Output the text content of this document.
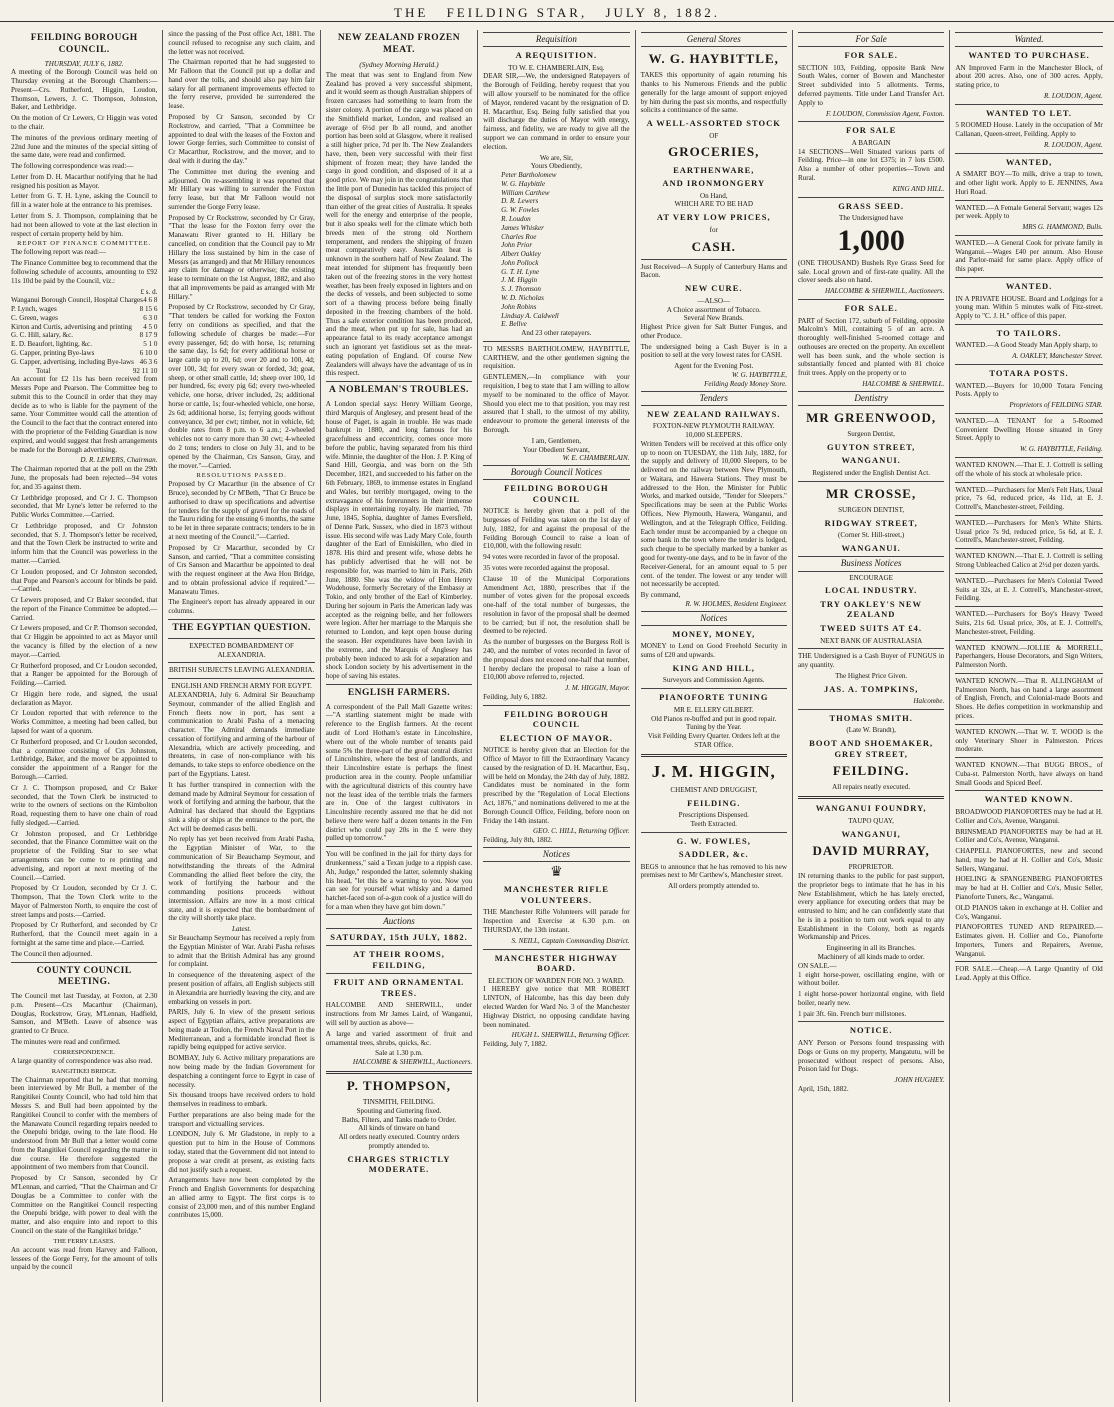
THE FEILDING STAR, JULY 8, 1882.
FEILDING BOROUGH COUNCIL.
THURSDAY, JULY 6, 1882.

A meeting of the Borough Council was held on Thursday evening at the Borough Chambers:—Present—Crs. Rutherford, Higgin, Loudon, Thomson, Lewers, J. C. Thompson, Johnston, Baker, and Lethbridge.

On the motion of Cr Lewers, Cr Higgin was voted to the chair.

The minutes of the previous ordinary meeting of 22nd June and the minutes of the special sitting of the same date, were read and confirmed.

The following correspondence was read:—

Letter from D. H. Macarthur notifying that he had resigned his position as Mayor.

Letter from G. T. H. Lyne, asking the Council to fill in a water hole at the entrance to his premises.

Letter from S. J. Thompson, complaining that he had not been allowed to vote at the last election in respect of certain property held by him.

REPORT OF FINANCE COMMITTEE.

The following report was read:—

The Finance Committee beg to recommend that the following schedule of accounts, amounting to £92 11s 10d be paid by the Council, viz.:

£ s. d.
Wanganui Borough Council, Hospital Charges 4 6 8
P. Lynch, wages	8 15 6
C. Green, wages	6 3 0
Kirton and Curtis, advertising and printing 4 5 0
G. C. Hill, salary, &c.	8 17 9
E. D. Beaufort, lighting, &c.	5 1 0
G. Capper, printing Bye-laws	6 10 0
G. Capper, advertising, including Bye-laws 46 3 6
Total	92 11 10

An account for £2 11s has been received from Messrs Pope and Pearson. The Committee beg to submit this to the Council in order that they may decide as to who is liable for the payment of the same. Your Committee would call the attention of the Council to the fact that the contract entered into with the proprietor of the Feilding Guardian is now expired, and would suggest that fresh arrangements be made for the Borough advertising.

D. R. LEWERS, Chairman.

The Chairman reported that at the poll on the 29th June, the proposals had been rejected—94 votes for, and 35 against them.

Cr Lethbridge proposed, and Cr J. C. Thompson seconded, that Mr Lyne's letter be referred to the Public Works Committee.—Carried.

Cr Lethbridge proposed, and Cr Johnston seconded, that S. J. Thompson's letter be received, and that the Town Clerk be instructed to write and inform him that the Council was powerless in the matter.—Carried.

Cr Loudon proposed, and Cr Johnston seconded, that Pope and Pearson's account for blinds be paid.—Carried.

Cr Lewers proposed, and Cr Baker seconded, that the report of the Finance Committee be adopted.—Carried.

Cr Lewers proposed, and Cr P. Thomson seconded, that Cr Higgin be appointed to act as Mayor until the vacancy is filled by the election of a new mayor.—Carried.

Cr Rutherford proposed, and Cr Loudon seconded, that a Ranger be appointed for the Borough of Feilding.—Carried.

Cr Higgin here rode, and signed, the usual declaration as Mayor.

Cr Loudon reported that with reference to the Works Committee, a meeting had been called, but lapsed for want of a quorum.

Cr Rutherford proposed, and Cr Loudon seconded, that a committee consisting of Crs Johnston, Lethbridge, Baker, and the mover be appointed to consider the appointment of a Ranger for the Borough.—Carried.

Cr J. C. Thompson proposed, and Cr Baker seconded, that the Town Clerk be instructed to write to the owners of sections on the Kimbolton Road, requesting them to have one chain of road fully sledged.—Carried.

Cr Johnston proposed, and Cr Lethbridge seconded, that the Finance Committee wait on the proprietor of the Feilding Star to see what arrangements can be come to re printing and advertising, and report at next meeting of the Council.—Carried.

Proposed by Cr Loudon, seconded by Cr J. C. Thompson, That the Town Clerk write to the Mayor of Palmerston North, to enquire the cost of street lamps and posts.—Carried.

Proposed by Cr Rutherford, and seconded by Cr Rutherford, that the Council meet again in a fortnight at the same time and place.—Carried.

The Council then adjourned.

COUNTY COUNCIL MEETING.

The Council met last Tuesday, at Foxton, at 2.30 p.m. Present—Crs Macarthur (Chairman), Douglas, Rockstrow, Gray, M'Lennan, Hadfield, Samson, and M'Beth. Leave of absence was granted to Cr Bruce.

The minutes were read and confirmed.

CORRESPONDENCE.

A large quantity of correspondence was also read.

RANGITIKEI BRIDGE.

The Chairman reported that he had that morning been interviewed by Mr Bull, a member of the Rangitikei County Council, who had told him that Messrs S. and Bull had been appointed by the Rangitikei Council to confer with the members of the Manawatu Council regarding repairs needed to the Onepuhi bridge, owing to the late flood. He understood from Mr Bull that a letter would come from the Rangitikei Council regarding the matter in due course. He therefore suggested the appointment of two members from that Council.

Proposed by Cr Sanson, seconded by Cr M'Lennan, and carried, "That the Chairman and Cr Douglas be a Committee to confer with the Committee on the Rangitikei Council respecting the Onepuhi bridge, with power to deal with the matter, and also enquire into and report to this Council on the state of the Rangitikei bridge."

THE FERRY LEASES.

An account was read from Harvey and Falloon, lessees of the Gorge Ferry, for the amount of tolls unpaid by the council

since the passing of the Post office Act, 1881. The council refused to recognise any such claim, and the letter was not received.

The Chairman reported that he had suggested to Mr Falloon that the Council put up a dollar and hand over the tolls, and should also pay him fair salary for all permanent improvements effected to the ferry reserve, provided he surrendered the lease.

Proposed by Cr Sanson, seconded by Cr Rockstrow, and carried, "That a Committee be appointed to deal with the leases of the Foxton and lower Gorge ferries, such Committee to consist of Cr Macarthur, Rockstrow, and the mover, and to deal with it during the day."

The Committee met during the evening and adjourned. On re-assembling it was reported that Mr Hillary was willing to surrender the Foxton ferry lease, but that Mr Falloon would not surrender the Gorge Ferry lease.

Proposed by Cr Rockstrow, seconded by Cr Gray, "That the lease for the Foxton ferry over the Manawatu River granted to H. Hillary be cancelled, on condition that the Council pay to Mr Hillary the loss sustained by him in the case of Messrs (as arranged) and that Mr Hillary renounces any claim for damage or otherwise; the existing lease to terminate on the 1st August, 1882, and also that all improvements be paid as arranged with Mr Hillary."

Proposed by Cr Rockstrow, seconded by Cr Gray, "That tenders be called for working the Foxton ferry on conditions as specified, and that the following schedule of charges be made:—For every passenger, 6d; do with horse, 1s; returning the same day, 1s 6d; for every additional horse or large cattle up to 20, 6d; over 20 and to 100, 4d; over 100, 3d; for every swan or forded, 3d; goat, sheep, or other small cattle, 1d; sheep over 100, 1d per hundred, 6s; every pig 6d; every two-wheeled vehicle, one horse, driver included, 2s; additional horse or cattle, 1s; four-wheeled vehicle, one horse, 2s 6d; additional horse, 1s; ferrying goods without conveyance, 3d per cwt; timber, not in vehicle, 6d; double rates from 8 p.m. to 6 a.m.; 2-wheeled vehicles not to carry more than 30 cwt; 4-wheeled do 2 tons; tenders to close on July 31, and to be opened by the Chairman, Crs Sanson, Gray, and the mover."—Carried.

RESOLUTIONS PASSED.

Proposed by Cr Macarthur (in the absence of Cr Bruce), seconded by Cr M'Beth, "That Cr Bruce be authorised to draw up specifications and advertise for tenders for the supply of gravel for the roads of the Tauru riding for the ensuing 6 months, the same to be let in three separate contracts; tenders to be in at next meeting of the Council."—Carried.

Proposed by Cr Macarthur, seconded by Cr Sanson, and carried, "That a committee consisting of Crs Sanson and Macarthur be appointed to deal with the request engineer at the Awa Hou Bridge, and to obtain professional advice if required."—Manawatu Times.

The Engineer's report has already appeared in our columns.

THE EGYPTIAN QUESTION.
EXPECTED BOMBARDMENT OF ALEXANDRIA.
BRITISH SUBJECTS LEAVING ALEXANDRIA.
ENGLISH AND FRENCH ARMY FOR EGYPT.

ALEXANDRIA, July 6. Admiral Sir Beauchamp Seymour, commander of the allied English and French fleets now in port, has sent a communication to Arabi Pasha of a menacing character. The Admiral demands immediate cessation of fortifying and arming of the harbour of Alexandria, which are actively proceeding, and threatens, in case of non-compliance with his demands, to take steps to enforce obedience on the part of the Egyptians. Latest.

It has further transpired in connection with the demand made by Admiral Seymour for cessation of work of fortifying and arming the harbour, that the Admiral has declared that should the Egyptians sink a ship or ships at the entrance to the port, the Act will be deemed casus belli.

No reply has yet been received from Arabi Pasha, the Egyptian Minister of War, to the communication of Sir Beauchamp Seymour, and notwithstanding the threats of the Admiral Commanding the allied fleet before the city, the work of fortifying the harbour and the commanding positions proceeds without intermission. Affairs are now in a most critical state, and it is expected that the bombardment of the city will shortly take place.

Latest.

Sir Beauchamp Seymour has received a reply from the Egyptian Minister of War. Arabi Pasha refuses to admit that the British Admiral has any ground for complaint.

In consequence of the threatening aspect of the present position of affairs, all English subjects still in Alexandria are hurriedly leaving the city, and are embarking on vessels in port.

PARIS, July 6. In view of the present serious aspect of Egyptian affairs, active preparations are being made at Toulon, the French Naval Port in the Mediterranean, and a formidable ironclad fleet is rapidly being equipped for active service.

BOMBAY, July 6. Active military preparations are now being made by the Indian Government for despatching a contingent force to Egypt in case of necessity.

Six thousand troops have received orders to hold themselves in readiness to embark.

Further preparations are also being made for the transport and victualling services.

LONDON, July 6. Mr Gladstone, in reply to a question put to him in the House of Commons today, stated that the Government did not intend to propose a war credit at present, as existing facts did not justify such a request.

Arrangements have now been completed by the French and English Governments for despatching an allied army to Egypt. The first corps is to consist of 23,000 men, and of this number England contributes 15,000.

NEW ZEALAND FROZEN MEAT.
(Sydney Morning Herald.)

The meat that was sent to England from New Zealand has proved a very successful shipment, and it would seem as though Australian shippers of frozen carcases had something to learn from the sister colony. A portion of the cargo was placed on the Smithfield market, London, and realised an average of 6½d per lb all round, and another portion has been sold at Glasgow, where it realised a still higher price, 7d per lb. The New Zealanders have, then, been very successful with their first shipment of frozen meat; they have landed the cargo in good condition, and disposed of it at a good price. We may join in the congratulations that the little port of Dunedin has tackled this project of the disposal of surplus stock more satisfactorily than either of the great cities of Australia. It speaks well for the energy and enterprise of the people, but it also speaks well for the climate which both breeds men of the strong old Northern temperament, and renders the shipping of frozen meat comparatively easy. Australian heat is unknown in the southern half of New Zealand. The meat intended for shipment has frequently been taken out of the freezing stores in the very hottest weather, has been freely exposed in lighters and on the decks of vessels, and been subjected to some sort of a thawing process before being finally deposited in the freezing chambers of the hold. Thus a safe exterior condition has been produced, and the meat, when put up for sale, has had an appearance fatal to its ready acceptance amongst such an ignorant yet fastidious set as the meat-eating population of England. Of course New Zealanders will always have the advantage of us in this respect.

A NOBLEMAN'S TROUBLES.

A London special says: Henry William George, third Marquis of Anglesey, and present head of the house of Paget, is again in trouble. He was made bankrupt in 1880, and long famous for his gracefulness and eccentricity, comes once more before the public, having separated from his third wife. Minnie, the daughter of the Hon. J. P. King of Sand Hill, Georgia, and was born on the 5th December, 1821, and succeeded to his father on the 6th February, 1869, to immense estates in England and Wales, but terribly mortgaged, owing to the extravagance of his forerunners in their immense displays in entertaining royalty. He married, 7th June, 1845, Sophia, daughter of James Eversfield, of Denne Park, Sussex, who died in 1873 without issue. His second wife was Lady Mary Cole, fourth daughter of the Earl of Enniskillen, who died in 1878. His third and present wife, whose debts he has publicly advertised that he will not be responsible for, was married to him in Paris, 26th June, 1880. She was the widow of Hon Henry Wodehouse, formerly Secretary of the Embassy at Tokio, and only brother of the Earl of Kimberley. During her sojourn in Paris the American lady was accepted as the reigning belle, and her followers were legion. After her marriage to the Marquis she returned to London, and kept open house during the season. Her expenditures have been lavish in the extreme, and the Marquis of Anglesey has probably been induced to ask for a separation and shock London society by his advertisement in the hope of saving his estates.

ENGLISH FARMERS.

A correspondent of the Pall Mall Gazette writes:—"A startling statement might be made with reference to the English farmers. At the recent audit of Lord Hotham's estate in Lincolnshire, where out of the whole number of tenants paid some 5% the three-part of the great central district of Lincolnshire, where the best of landlords, and their Lincolnshire estate is perhaps the finest production area in the county. People unfamiliar with the agricultural districts of this country have not the least idea of the terrible trials the farmers are in. One of the largest cultivators in Lincolnshire recently assured me that he did not believe there were half a dozen tenants in the Fen district who could pay 20s in the £ were they pulled up tomorrow."

You will be confined in the jail for thirty days for drunkenness," said a Texan judge to a rippish case. Ah, Judge," responded the latter, solemnly shaking his head, "let this be a warning to you. Now you can see for yourself what whisky and a darned hatchet-faced son of-a-gun cook of a justice will do for a man when they have got him down."

Auctions
SATURDAY, 15th JULY, 1882.
AT THEIR ROOMS, FEILDING,
FRUIT AND ORNAMENTAL TREES.

HALCOMBE AND SHERWILL, under instructions from Mr James Laird, of Wanganui, will sell by auction as above—

A large and varied assortment of fruit and ornamental trees, shrubs, quicks, &c.

Sale at 1.30 p.m.
HALCOMBE & SHERWILL, Auctioneers.
P. THOMPSON,
TINSMITH, FEILDING.
Spouting and Guttering fixed.
Baths, Filters, and Tanks made to Order.
All kinds of tinware on hand
All orders neatly executed. Country orders promptly attended to.
CHARGES STRICTLY MODERATE.
Requisition
A REQUISITION.
TO W. E. CHAMBERLAIN, Esq.

DEAR SIR,—We, the undersigned Ratepayers of the Borough of Feilding, hereby request that you will allow yourself to be nominated for the office of Mayor, rendered vacant by the resignation of D. H. Macarthur, Esq. Being fully satisfied that you will discharge the duties of Mayor with energy, fairness, and fidelity, we are ready to give all the support we can command in order to ensure your election.

We are, Sir,
Yours Obediently,
Peter Bartholomew
W. G. Haybittle
William Carthew
D. R. Lewers
G. W. Fowles
R. Loudon
James Whisker
Charles Roe
John Prior
Albert Oakley
John Pollock
G. T. H. Lyne
J. M. Higgin
S. J. Thomson
W. D. Nicholas
John Robins
Lindsay A. Caldwell
E. Bellve
And 23 other ratepayers.

TO MESSRS BARTHOLOMEW, HAYBITTLE, CARTHEW, and the other gentlemen signing the requisition.

GENTLEMEN,—In compliance with your requisition, I beg to state that I am willing to allow myself to be nominated to the office of Mayor. Should you elect me to that position, you may rest assured that I shall, to the utmost of my ability, endeavour to promote the general interests of the Borough.

I am, Gentlemen,
Your Obedient Servant,
W. E. CHAMBERLAIN.
Borough Council Notices
FEILDING BOROUGH COUNCIL

NOTICE is hereby given that a poll of the burgesses of Feilding was taken on the 1st day of July, 1882, for and against the proposal of the Feilding Borough Council to raise a loan of £10,000, with the following result:

94 votes were recorded in favor of the proposal.

35 votes were recorded against the proposal.

Clause 10 of the Municipal Corporations Amendment Act, 1880, prescribes that if the number of votes given for the proposal exceeds one-half of the total number of burgesses, the resolution in favor of the proposal shall be deemed to be carried; but if not, the resolution shall be deemed to be rejected.

As the number of burgesses on the Burgess Roll is 240, and the number of votes recorded in favor of the proposal does not exceed one-half that number, I hereby declare the proposal to raise a loan of £10,000 above referred to, rejected.

J. M. HIGGIN, Mayor.
Feilding, July 6, 1882.
FEILDING BOROUGH COUNCIL
ELECTION OF MAYOR.

NOTICE is hereby given that an Election for the Office of Mayor to fill the Extraordinary Vacancy caused by the resignation of D. H. Macarthur, Esq., will be held on Monday, the 24th day of July, 1882. Candidates must be nominated in the form prescribed by the "Regulation of Local Elections Act, 1876," and nominations delivered to me at the Borough Council Office, Feilding, before noon on Friday the 14th instant.

GEO. C. HILL, Returning Officer.
Feilding, July 8th, 1882.
Notices
♛
MANCHESTER RIFLE VOLUNTEERS.

THE Manchester Rifle Volunteers will parade for Inspection and Exercise at 6.30 p.m. on THURSDAY, the 13th instant.

S. NEILL, Captain Commanding District.
MANCHESTER HIGHWAY BOARD.
ELECTION OF WARDEN FOR NO. 3 WARD.

I HEREBY give notice that MR ROBERT LINTON, of Halcombe, has this day been duly elected Warden for Ward No. 3 of the Manchester Highway District, no opposing candidate having been nominated.

HUGH L. SHERWILL, Returning Officer.
Feilding, July 7, 1882.
General Stores
W. G. HAYBITTLE,

TAKES this opportunity of again returning his thanks to his Numerous Friends and the public generally for the large amount of support enjoyed by him during the past six months, and respectfully solicits a continuance of the same.

A WELL-ASSORTED STOCK
OF
GROCERIES,
EARTHENWARE,
AND IRONMONGERY
On Hand,
WHICH ARE TO BE HAD
AT VERY LOW PRICES,
for
CASH.

Just Received—A Supply of Canterbury Hams and Bacon.

NEW CURE.
—ALSO—
A Choice assortment of Tobacco.
Several New Brands.

Highest Price given for Salt Butter Fungus, and other Produce.

The undersigned being a Cash Buyer is in a position to sell at the very lowest rates for CASH.

Agent for the Evening Post.
W. G. HAYBITTLE,
Feilding Ready Money Store.
Tenders
NEW ZEALAND RAILWAYS.
FOXTON-NEW PLYMOUTH RAILWAY.
10,000 SLEEPERS.

Written Tenders will be received at this office only up to noon on TUESDAY, the 11th July, 1882, for the supply and delivery of 10,000 Sleepers, to be delivered on the railway between New Plymouth, or Waitara, and Hawera Stations. They must be addressed to the Hon. the Minister for Public Works, and marked outside, "Tender for Sleepers." Specifications may be seen at the Public Works Offices, New Plymouth, Hawera, Wanganui, and Wellington, and at the Telegraph Office, Feilding. Each tender must be accompanied by a cheque on some bank in the town where the tender is lodged, such cheque to be specially marked by a banker as good for twenty-one days, and to be in favor of the Receiver-General, for an amount equal to 5 per cent. of the tender. The lowest or any tender will not necessarily be accepted.

By command,
R. W. HOLMES, Resident Engineer.
Notices
MONEY, MONEY,

MONEY to Lend on Good Freehold Security in sums of £20 and upwards.

KING AND HILL,
Surveyors and Commission Agents.
PIANOFORTE TUNING
MR E. ELLERY GILBERT.
Old Pianos re-buffed and put in good repair.
Tuning by the Year.
Visit Feilding Every Quarter. Orders left at the STAR Office.
J. M. HIGGIN,
CHEMIST AND DRUGGIST,
FEILDING.
Prescriptions Dispensed.
Teeth Extracted.
G. W. FOWLES,
SADDLER, &c.

BEGS to announce that he has removed to his new premises next to Mr Carthew's, Manchester street.

All orders promptly attended to.
For Sale
FOR SALE.

SECTION 103, Feilding, opposite Bank New South Wales, corner of Bowen and Manchester Street subdivided into 5 allotments. Terms, deferred payments. Title under Land Transfer Act. Apply to

F. LOUDON, Commission Agent, Foxton.
FOR SALE
A BARGAIN

14 SECTIONS—Well Situated various parts of Feilding. Price—in one lot £375; in 7 lots £500. Also a number of other properties—Town and Rural.

KING AND HILL.
GRASS SEED.
The Undersigned have
1,000

(ONE THOUSAND) Bushels Rye Grass Seed for sale. Local grown and of first-rate quality. All the clover seeds also on hand.

HALCOMBE & SHERWILL, Auctioneers.
FOR SALE.

PART of Section 172, suburb of Feilding, opposite Malcolm's Mill, containing 5 of an acre. A thoroughly well-finished 5-roomed cottage and outhouses are erected on the property. An excellent well has been sunk, and the whole section is substantially fenced and planted with 81 choice fruit trees. Apply on the property or to

HALCOMBE & SHERWILL.
Dentistry
MR GREENWOOD,
Surgeon Dentist,
GUYTON STREET,
WANGANUI.
Registered under the English Dentist Act.
MR CROSSE,
SURGEON DENTIST,
RIDGWAY STREET,
(Corner St. Hill-street,)
WANGANUI.
Business Notices
ENCOURAGE
LOCAL INDUSTRY.
TRY OAKLEY'S NEW ZEALAND
TWEED SUITS AT £4.
NEXT BANK OF AUSTRALASIA

THE Undersigned is a Cash Buyer of FUNGUS in any quantity.

The Highest Price Given.
JAS. A. TOMPKINS,
Halcombe.
THOMAS SMITH.
(Late W. Brandt),
BOOT AND SHOEMAKER, GREY STREET,
FEILDING.
All repairs neatly executed.
WANGANUI FOUNDRY,
TAUPO QUAY,
WANGANUI,
DAVID MURRAY,
PROPRIETOR.

IN returning thanks to the public for past support, the proprietor begs to intimate that he has in his New Establishment, which he has lately erected, every appliance for executing orders that may be entrusted to him; and he can confidently state that he is in a position to turn out work equal to any Establishment in the Colony, both as regards Workmanship and Prices.

Engineering in all its Branches.
Machinery of all kinds made to order.
ON SALE.—

1 eight horse-power, oscillating engine, with or without boiler.

1 eight horse-power horizontal engine, with field boiler, nearly new.

1 pair 3ft. 6in. French burr millstones.

NOTICE.

ANY Person or Persons found trespassing with Dogs or Guns on my property, Mangatutu, will be prosecuted without respect of persons. Also, Poison laid for Dogs.

JOHN HUGHEY.
April, 15th, 1882.
Wanted.
WANTED TO PURCHASE.

AN Improved Farm in the Manchester Block, of about 200 acres. Also, one of 300 acres. Apply, stating price, to

R. LOUDON, Agent.
WANTED TO LET.

5 ROOMED House. Lately in the occupation of Mr Callanan, Queen-street, Feilding. Apply to

R. LOUDON, Agent.
WANTED,

A SMART BOY—To milk, drive a trap to town, and other light work. Apply to E. JENNINS, Awa Huri Road.

WANTED.—A Female General Servant; wages 12s per week. Apply to

MRS G. HAMMOND, Bulls.

WANTED.—A General Cook for private family in Wanganui.—Wages £40 per annum. Also House and Parlor-maid for same place. Apply office of this paper.

WANTED.

IN A PRIVATE HOUSE. Board and Lodgings for a young man. Within 5 minutes walk of Fitz-street. Apply to "C. J. H." office of this paper.

TO TAILORS.

WANTED.—A Good Steady Man Apply sharp, to

A. OAKLEY, Manchester Street.
TOTARA POSTS.

WANTED.—Buyers for 10,000 Totara Fencing Posts. Apply to

Proprietors of FEILDING STAR.

WANTED.—A TENANT for a 5-Roomed Convenient Dwelling House situated in Grey Street. Apply to

W. G. HAYBITTLE, Feilding.

WANTED KNOWN.—That E. J. Cottrell is selling off the whole of his stock at wholesale price.

WANTED.—Purchasers for Men's Felt Hats, Usual price, 7s 6d, reduced price, 4s 11d, at E. J. Cottrell's, Manchester-street, Feilding.

WANTED.—Purchasers for Men's White Shirts. Usual price 7s 9d, reduced price, 5s 6d, at E. J. Cottrell's, Manchester-street, Feilding.

WANTED KNOWN.—That E. J. Cottrell is selling Strong Unbleached Calico at 2½d per dozen yards.

WANTED.—Purchasers for Men's Colonial Tweed Suits at 32s, at E. J. Cottrell's, Manchester-street, Feilding.

WANTED.—Purchasers for Boy's Heavy Tweed Suits, 21s 6d. Usual price, 30s, at E. J. Cottrell's, Manchester-street, Feilding.

WANTED KNOWN.—JOLLIE & MORRELL, Paperhangers, House Decorators, and Sign Writers, Palmerston North.

WANTED KNOWN.—That R. ALLINGHAM of Palmerston North, has on hand a large assortment of English, French, and Colonial-made Boots and Shoes. He defies competition in workmanship and prices.

WANTED KNOWN.—That W. T. WOOD is the only Veterinary Shoer in Palmerston. Prices moderate.

WANTED KNOWN.—That BUGG BROS., of Cuba-st. Palmerston North, have always on hand Small Goods and Spiced Beef.

WANTED KNOWN.

BROADWOOD PIANOFORTES may be had at H. Collier and Co's, Avenue, Wanganui.

BRINSMEAD PIANOFORTES may be had at H. Collier and Co's, Avenue, Wanganui.

CHAPPELL PIANOFORTES, new and second hand, may be had at H. Collier and Co's, Music Sellers, Wanganui.

HOELING & SPANGENBERG PIANOFORTES may be had at H. Collier and Co's, Music Seller, Pianoforte Tuners, &c., Wanganui.

OLD PIANOS taken in exchange at H. Collier and Co's, Wanganui.

PIANOFORTES TUNED AND REPAIRED.—Estimates given. H. Collier and Co., Pianoforte Importers, Tuners and Repairers, Avenue, Wanganui.

FOR SALE.—Cheap.—A Large Quantity of Old Lead. Apply at this Office.
